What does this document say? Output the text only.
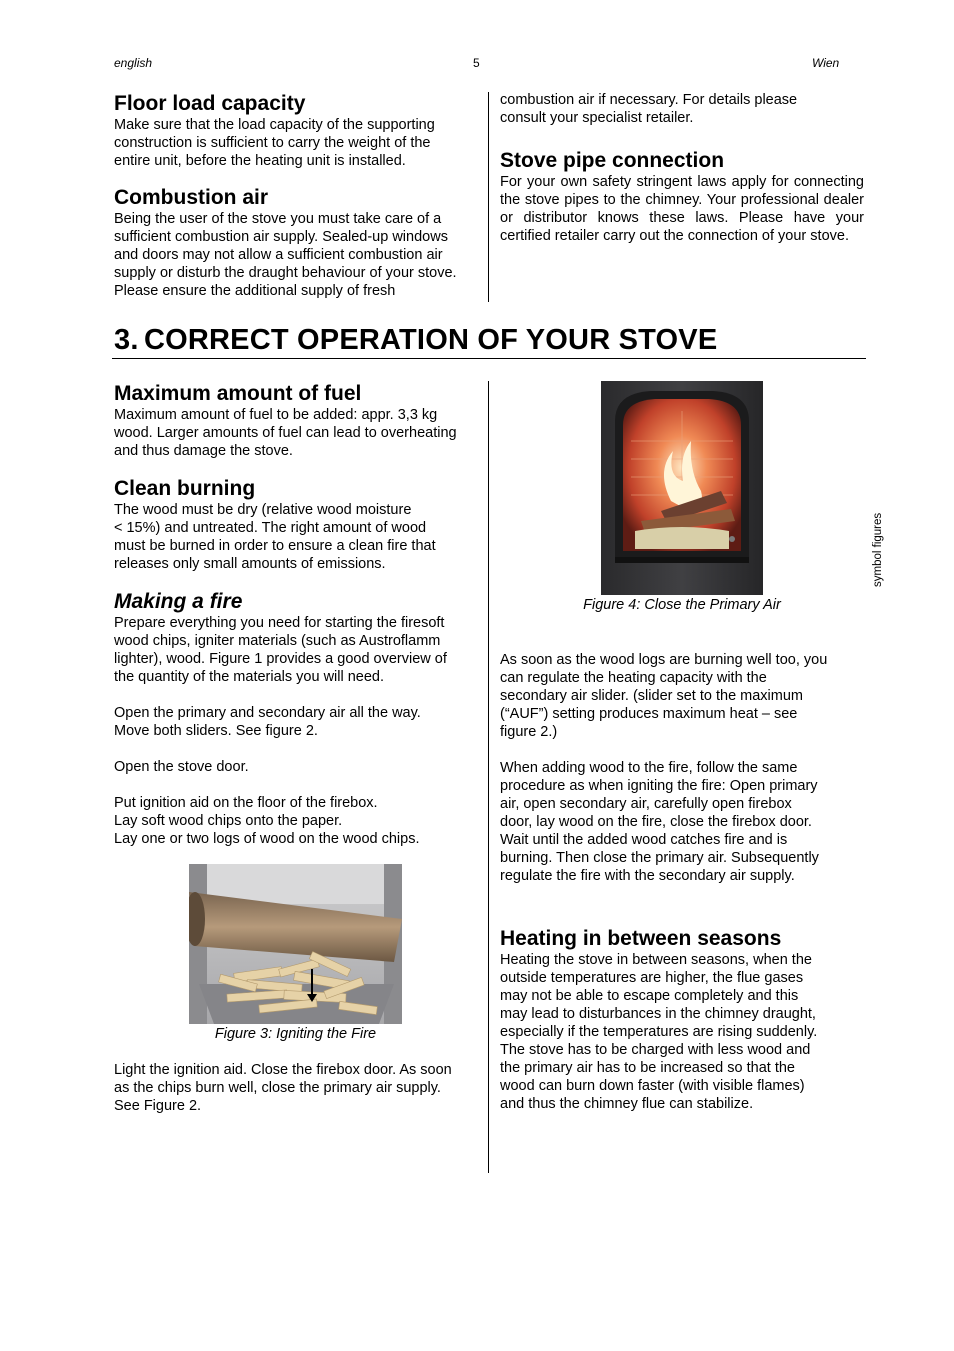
english	5	Wien
Floor load capacity

Make sure that the load capacity of the supporting

construction is sufficient to carry the weight of the

entire unit, before the heating unit is installed.

Combustion air

Being the user of the stove you must take care of a

sufficient combustion air supply. Sealed-up windows

and doors may not allow a sufficient combustion air

supply or disturb the draught behaviour of your stove.

Please ensure the additional supply of fresh

combustion air if necessary. For details please

consult your specialist retailer.

Stove pipe connection

For your own safety stringent laws apply for connecting the stove pipes to the chimney. Your professional dealer or distributor knows these laws. Please have your certified retailer carry out the connection of your stove.

3. CORRECT OPERATION OF YOUR STOVE
Maximum amount of fuel

Maximum amount of fuel to be added: appr. 3,3 kg

wood. Larger amounts of fuel can lead to overheating

and thus damage the stove.

Clean burning

The wood must be dry (relative wood moisture

< 15%) and untreated. The right amount of wood

must be burned in order to ensure a clean fire that

releases only small amounts of emissions.

Making a fire

Prepare everything you need for starting the firesoft

wood chips, igniter materials (such as Austroflamm

lighter), wood. Figure 1 provides a good overview of

the quantity of the materials you will need.

Open the primary and secondary air all the way.

Move both sliders. See figure 2.

Open the stove door.

Put ignition aid on the floor of the firebox.

Lay soft wood chips onto the paper.

Lay one or two logs of wood on the wood chips.

Figure 3: Igniting the Fire

Light the ignition aid. Close the firebox door. As soon

as the chips burn well, close the primary air supply.

See Figure 2.

Figure 4: Close the Primary Air

As soon as the wood logs are burning well too, you

can regulate the heating capacity with the

secondary air slider. (slider set to the maximum

(“AUF”) setting produces maximum heat – see

figure 2.)

When adding wood to the fire, follow the same

procedure as when igniting the fire: Open primary

air, open secondary air, carefully open firebox

door, lay wood on the fire, close the firebox door.

Wait until the added wood catches fire and is

burning. Then close the primary air. Subsequently

regulate the fire with the secondary air supply.

Heating in between seasons

Heating the stove in between seasons, when the

outside temperatures are higher, the flue gases

may not be able to escape completely and this

may lead to disturbances in the chimney draught,

especially if the temperatures are rising suddenly.

The stove has to be charged with less wood and

the primary air has to be increased so that the

wood can burn down faster (with visible flames)

and thus the chimney flue can stabilize.

symbol figures
